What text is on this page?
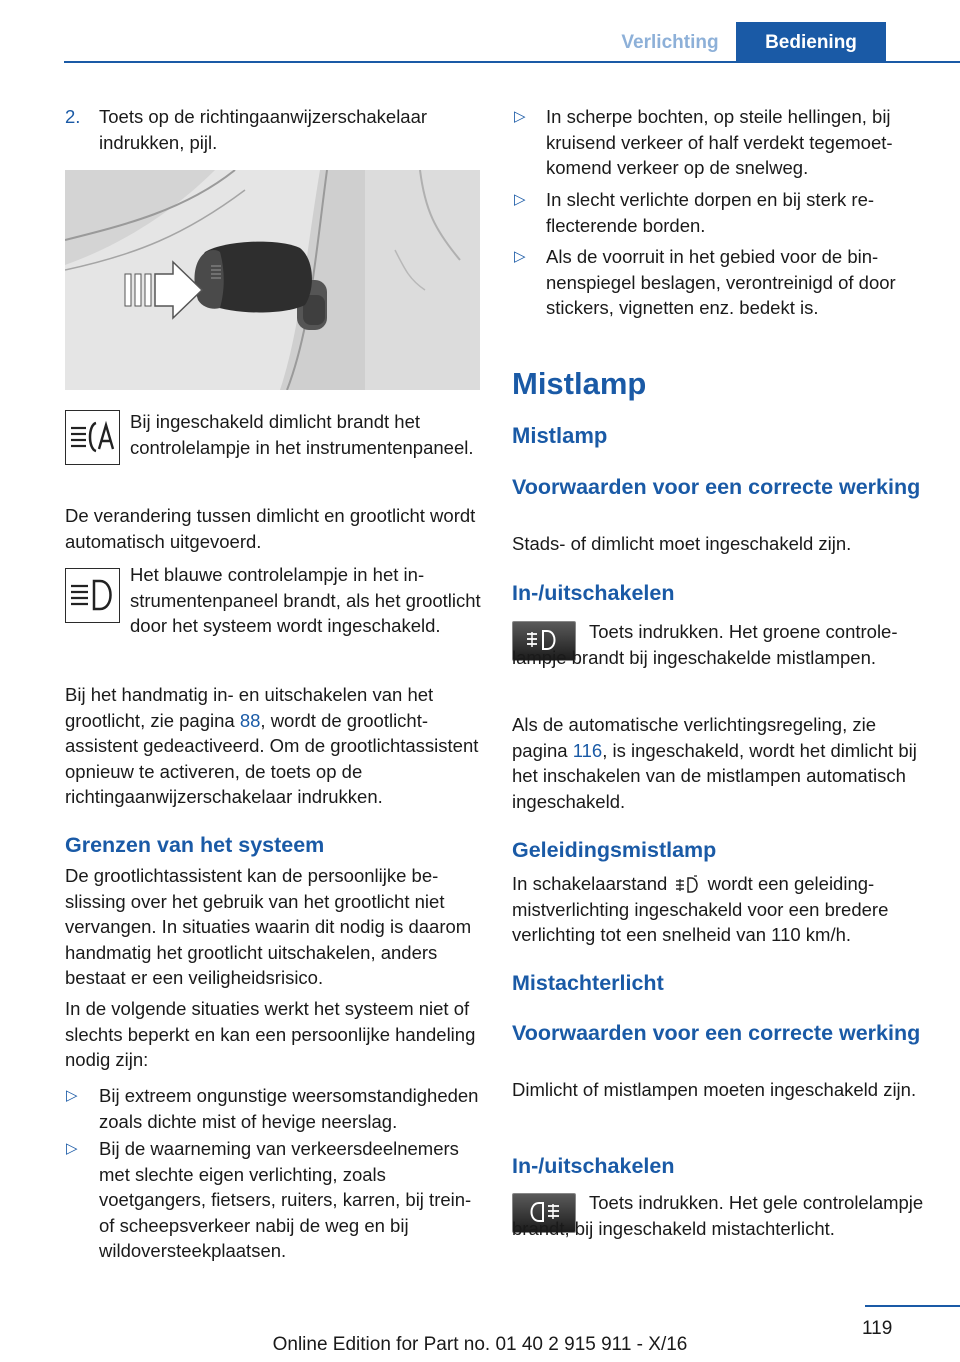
Verlichting	Bediening
2. Toets op de richtingaanwijzerschakelaar indrukken, pijl.

Bij ingeschakeld dimlicht brandt het controlelampje in het instrumentenpaneel.

De verandering tussen dimlicht en grootlicht wordt automatisch uitgevoerd.

Het blauwe controlelampje in het instrumentenpaneel brandt, als het grootlicht door het systeem wordt ingeschakeld.

Bij het handmatig in- en uitschakelen van het grootlicht, zie pagina 88, wordt de grootlichtassistent gedeactiveerd. Om de grootlichtassistent opnieuw te activeren, de toets op de richtingaanwijzerschakelaar indrukken.

Grenzen van het systeem

De grootlichtassistent kan de persoonlijke beslissing over het gebruik van het grootlicht niet vervangen. In situaties waarin dit nodig is daarom handmatig het grootlicht uitschakelen, anders bestaat er een veiligheidsrisico.

In de volgende situaties werkt het systeem niet of slechts beperkt en kan een persoonlijke handeling nodig zijn:

▷ Bij extreem ongunstige weersomstandigheden zoals dichte mist of hevige neerslag.

▷ Bij de waarneming van verkeersdeelnemers met slechte eigen verlichting, zoals voetgangers, fietsers, ruiters, karren, bij trein- of scheepsverkeer nabij de weg en bij wildoversteekplaatsen.

▷ In scherpe bochten, op steile hellingen, bij kruisend verkeer of half verdekt tegemoetkomend verkeer op de snelweg.

▷ In slecht verlichte dorpen en bij sterk reflecterende borden.

▷ Als de voorruit in het gebied voor de binnenspiegel beslagen, verontreinigd of door stickers, vignetten enz. bedekt is.

Mistlamp
Mistlamp
Voorwaarden voor een correcte werking

Stads- of dimlicht moet ingeschakeld zijn.

In-/uitschakelen

Toets indrukken. Het groene controlelampje brandt bij ingeschakelde mistlampen.

Als de automatische verlichtingsregeling, zie pagina 116, is ingeschakeld, wordt het dimlicht bij het inschakelen van de mistlampen automatisch ingeschakeld.

Geleidingsmistlamp

In schakelaarstand  wordt een geleidingmistverlichting ingeschakeld voor een bredere verlichting tot een snelheid van 110 km/h.

Mistachterlicht
Voorwaarden voor een correcte werking

Dimlicht of mistlampen moeten ingeschakeld zijn.

In-/uitschakelen

Toets indrukken. Het gele controlelampje brandt, bij ingeschakeld mistachterlicht.

119
Online Edition for Part no. 01 40 2 915 911 - X/16
